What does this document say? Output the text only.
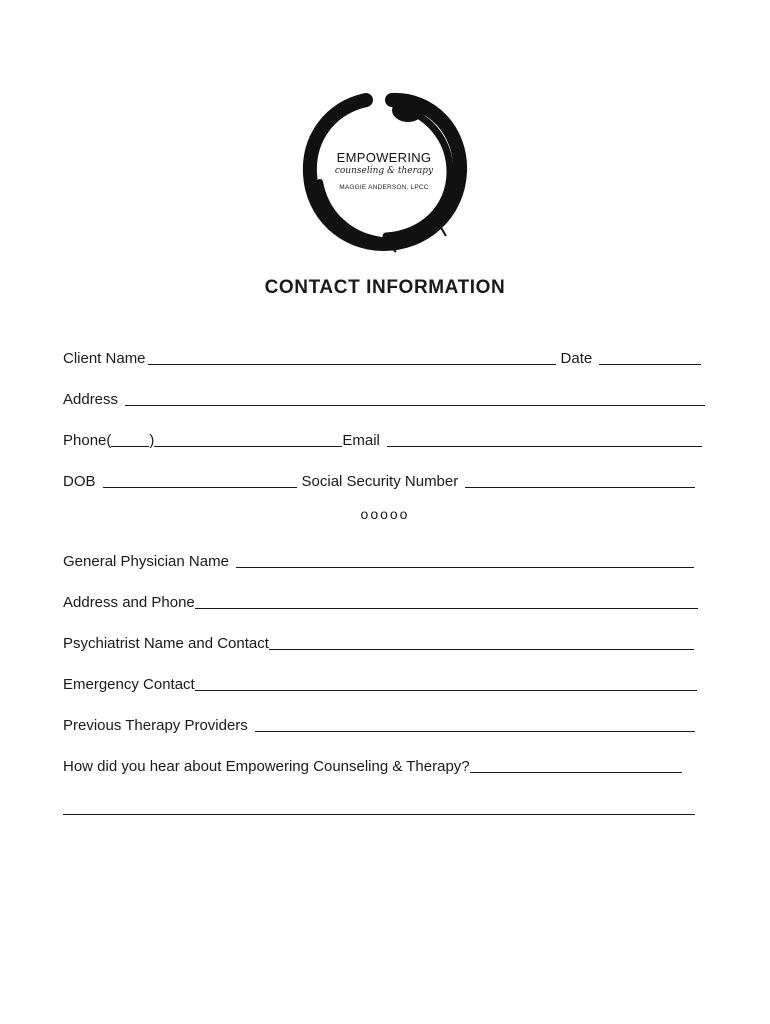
EMPOWERING
counseling & therapy
MAGGIE ANDERSON, LPCC
CONTACT INFORMATION
Client Name	Date
Address
Phone(	)	Email
DOB	Social Security Number
ooooo
General Physician Name
Address and Phone
Psychiatrist Name and Contact
Emergency Contact
Previous Therapy Providers
How did you hear about Empowering Counseling & Therapy?
